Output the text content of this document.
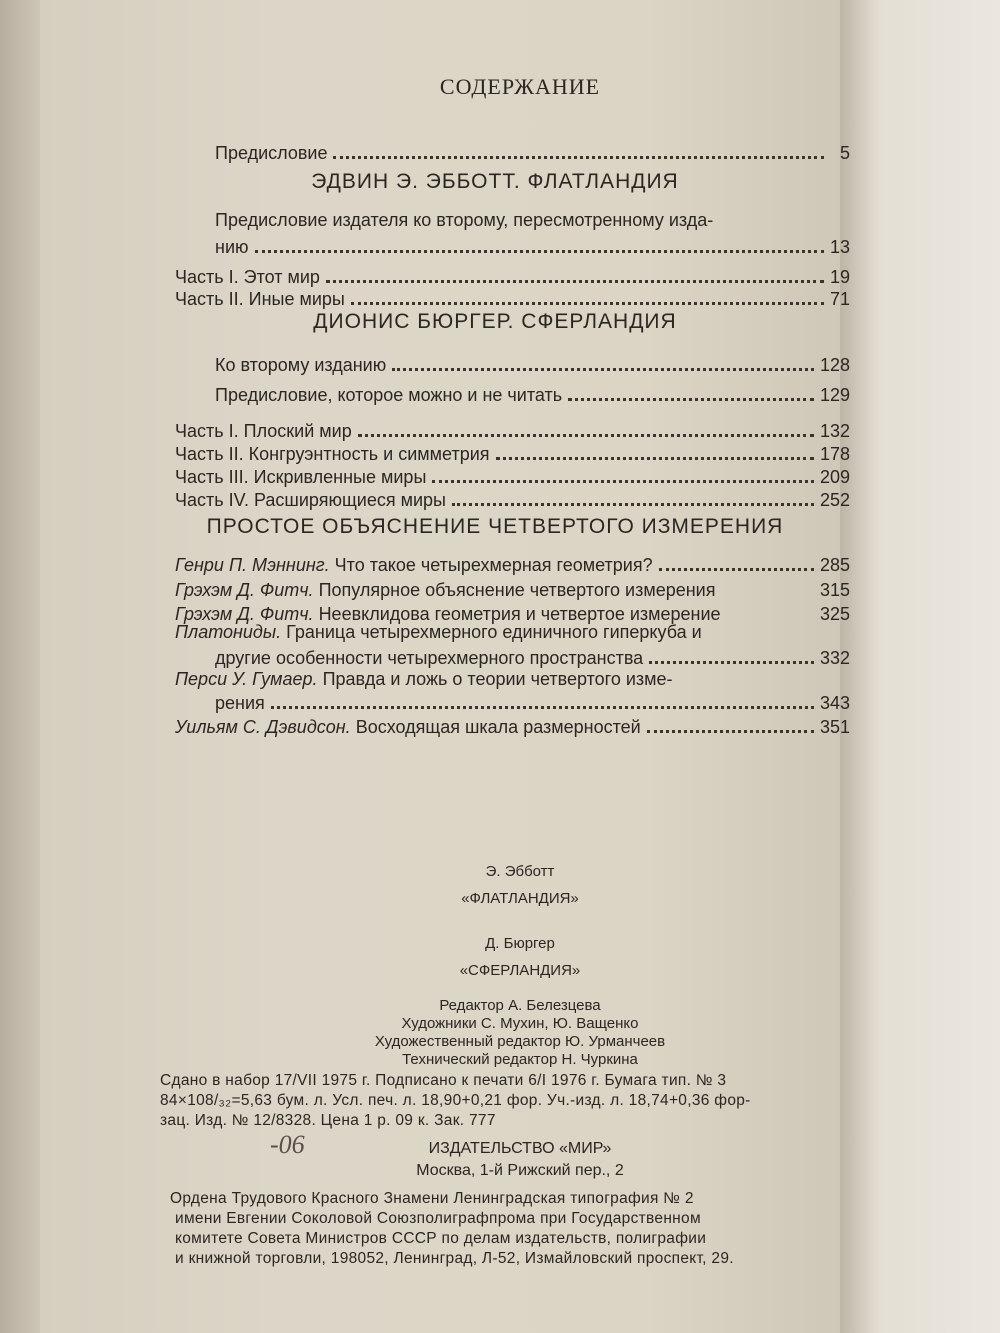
СОДЕРЖАНИЕ
Предисловие	5
ЭДВИН Э. ЭББОТТ. ФЛАТЛАНДИЯ
Предисловие издателя ко второму, пересмотренному изда-
нию	13
Часть I. Этот мир	19
Часть II. Иные миры	71
ДИОНИС БЮРГЕР. СФЕРЛАНДИЯ
Ко второму изданию	128
Предисловие, которое можно и не читать	129
Часть I. Плоский мир	132
Часть II. Конгруэнтность и симметрия	178
Часть III. Искривленные миры	209
Часть IV. Расширяющиеся миры	252
ПРОСТОЕ ОБЪЯСНЕНИЕ ЧЕТВЕРТОГО ИЗМЕРЕНИЯ
Генри П. Мэннинг. Что такое четырехмерная геометрия?	285
Грэхэм Д. Фитч. Популярное объяснение четвертого измерения	315
Грэхэм Д. Фитч. Неевклидова геометрия и четвертое измерение	325
Платониды. Граница четырехмерного единичного гиперкуба и
другие особенности четырехмерного пространства	332
Перси У. Гумаер. Правда и ложь о теории четвертого изме-
рения	343
Уильям С. Дэвидсон. Восходящая шкала размерностей	351
Э. Эбботт
«ФЛАТЛАНДИЯ»
Д. Бюргер
«СФЕРЛАНДИЯ»
Редактор А. Белезцева
Художники С. Мухин, Ю. Ващенко
Художественный редактор Ю. Урманчеев
Технический редактор Н. Чуркина
Сдано в набор 17/VII 1975 г. Подписано к печати 6/I 1976 г. Бумага тип. № 3
84×108/₃₂=5,63 бум. л. Усл. печ. л. 18,90+0,21 фор. Уч.-изд. л. 18,74+0,36 фор-
зац. Изд. № 12/8328. Цена 1 р. 09 к. Зак. 777
-06	ИЗДАТЕЛЬСТВО «МИР»
Москва, 1-й Рижский пер., 2
Ордена Трудового Красного Знамени Ленинградская типография № 2
имени Евгении Соколовой Союзполиграфпрома при Государственном
комитете Совета Министров СССР по делам издательств, полиграфии
и книжной торговли, 198052, Ленинград, Л-52, Измайловский проспект, 29.
